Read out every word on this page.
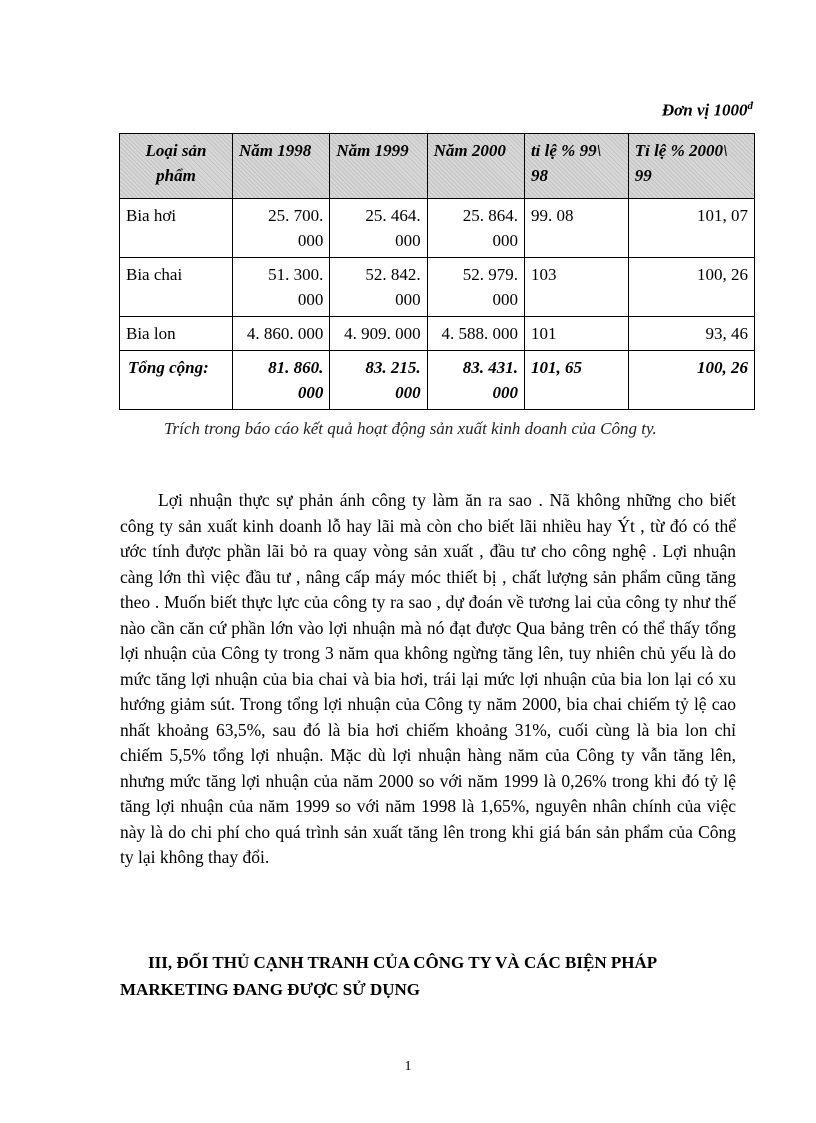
Đơn vị $1000^đ$
Loại sản phẩm	Năm 1998	Năm 1999	Năm 2000	tỉ lệ % 99\ 98	Tỉ lệ % 2000\ 99
Bia hơi	25. 700. 000	25. 464. 000	25. 864. 000	99. 08	101, 07
Bia chai	51. 300. 000	52. 842. 000	52. 979. 000	103	100, 26
Bia lon	4. 860. 000	4. 909. 000	4. 588. 000	101	93, 46
Tổng cộng:	81. 860. 000	83. 215. 000	83. 431. 000	101, 65	100, 26
Trích trong báo cáo kết quả hoạt động sản xuất kinh doanh của Công ty.

Lợi nhuận thực sự phản ánh công ty làm ăn ra sao . Nã không những cho biết công ty sản xuất kinh doanh lỗ hay lãi mà còn cho biết lãi nhiều hay Ýt , từ đó có thể ước tính được phần lãi bỏ ra quay vòng sản xuất , đầu tư cho công nghệ . Lợi nhuận càng lớn thì việc đầu tư , nâng cấp máy móc thiết bị , chất lượng sản phẩm cũng tăng theo . Muốn biết thực lực của công ty ra sao , dự đoán về tương lai của công ty như thế nào cần căn cứ phần lớn vào lợi nhuận mà nó đạt được Qua bảng trên có thể thấy tổng lợi nhuận của Công ty trong 3 năm qua không ngừng tăng lên, tuy nhiên chủ yếu là do mức tăng lợi nhuận của bia chai và bia hơi, trái lại mức lợi nhuận của bia lon lại có xu hướng giảm sút. Trong tổng lợi nhuận của Công ty năm 2000, bia chai chiếm tỷ lệ cao nhất khoảng 63,5%, sau đó là bia hơi chiếm khoảng 31%, cuối cùng là bia lon chỉ chiếm 5,5% tổng lợi nhuận. Mặc dù lợi nhuận hàng năm của Công ty vẫn tăng lên, nhưng mức tăng lợi nhuận của năm 2000 so với năm 1999 là 0,26% trong khi đó tỷ lệ tăng lợi nhuận của năm 1999 so với năm 1998 là 1,65%, nguyên nhân chính của việc này là do chi phí cho quá trình sản xuất tăng lên trong khi giá bán sản phẩm của Công ty lại không thay đổi.

III, ĐỐI THỦ CẠNH TRANH CỦA CÔNG TY VÀ CÁC BIỆN PHÁP MARKETING ĐANG ĐƯỢC SỬ DỤNG

1
